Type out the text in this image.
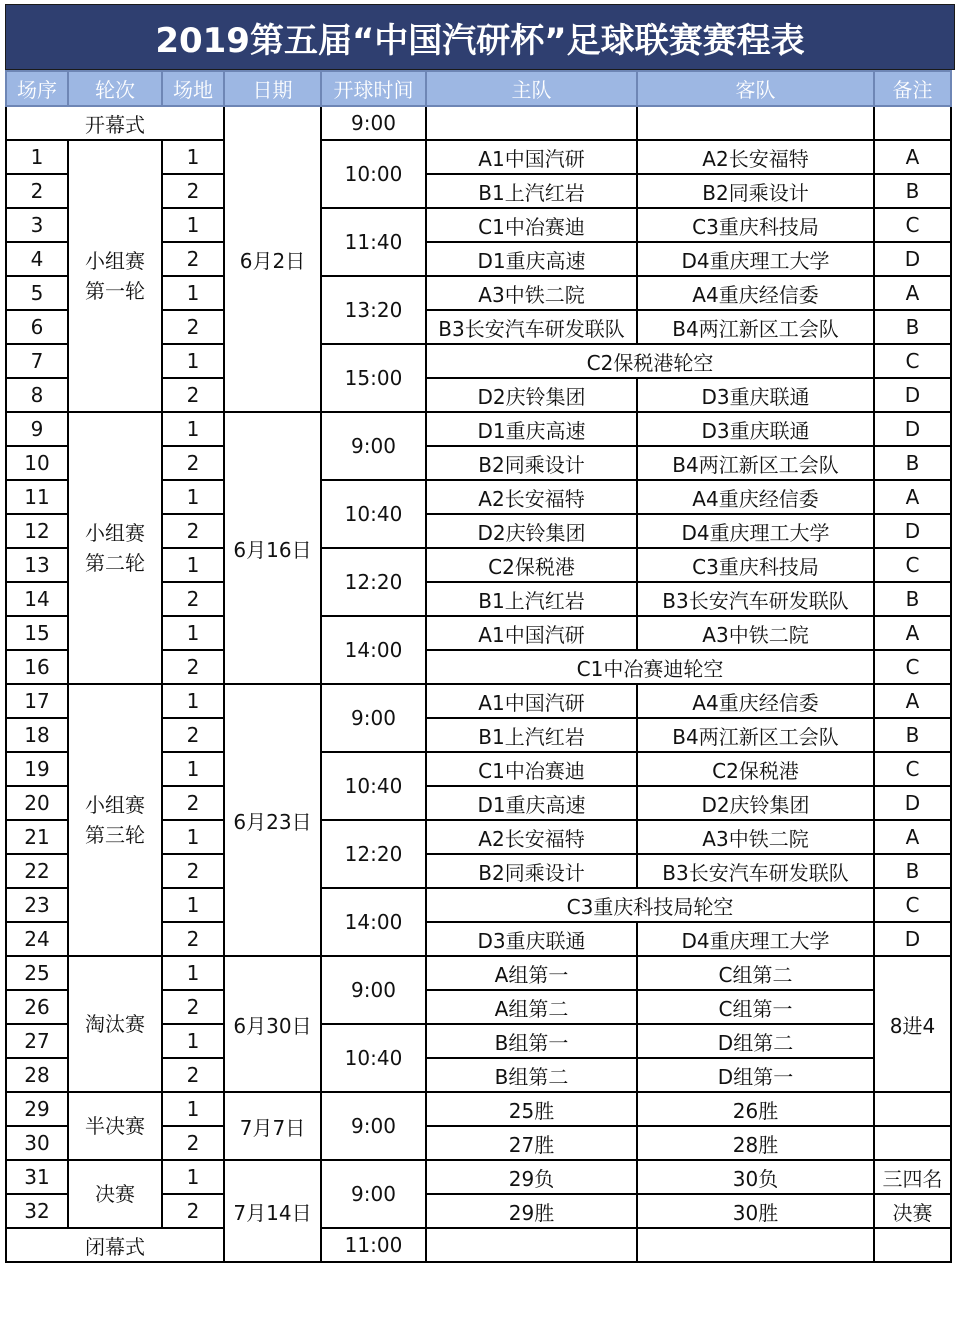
2019第五届“中国汽研杯”足球联赛赛程表
场序	轮次	场地	日期	开球时间	主队	客队	备注
开幕式			6月2日	9:00			
1	小组赛第一轮	1		10:00	A1中国汽研	A2长安福特	A
2		2			B1上汽红岩	B2同乘设计	B
3		1		11:40	C1中冶赛迪	C3重庆科技局	C
4		2			D1重庆高速	D4重庆理工大学	D
5		1		13:20	A3中铁二院	A4重庆经信委	A
6		2			B3长安汽车研发联队	B4两江新区工会队	B
7		1		15:00	C2保税港轮空		C
8		2			D2庆铃集团	D3重庆联通	D
9	小组赛第二轮	1	6月16日	9:00	D1重庆高速	D3重庆联通	D
10		2			B2同乘设计	B4两江新区工会队	B
11		1		10:40	A2长安福特	A4重庆经信委	A
12		2			D2庆铃集团	D4重庆理工大学	D
13		1		12:20	C2保税港	C3重庆科技局	C
14		2			B1上汽红岩	B3长安汽车研发联队	B
15		1		14:00	A1中国汽研	A3中铁二院	A
16		2			C1中冶赛迪轮空		C
17	小组赛第三轮	1	6月23日	9:00	A1中国汽研	A4重庆经信委	A
18		2			B1上汽红岩	B4两江新区工会队	B
19		1		10:40	C1中冶赛迪	C2保税港	C
20		2			D1重庆高速	D2庆铃集团	D
21		1		12:20	A2长安福特	A3中铁二院	A
22		2			B2同乘设计	B3长安汽车研发联队	B
23		1		14:00	C3重庆科技局轮空		C
24		2			D3重庆联通	D4重庆理工大学	D
25	淘汰赛	1	6月30日	9:00	A组第一	C组第二	8进4
26		2			A组第二	C组第一	
27		1		10:40	B组第一	D组第二	
28		2			B组第二	D组第一	
29	半决赛	1	7月7日	9:00	25胜	26胜	
30		2			27胜	28胜	
31	决赛	1	7月14日	9:00	29负	30负	三四名
32		2			29胜	30胜	决赛
闭幕式				11:00			
